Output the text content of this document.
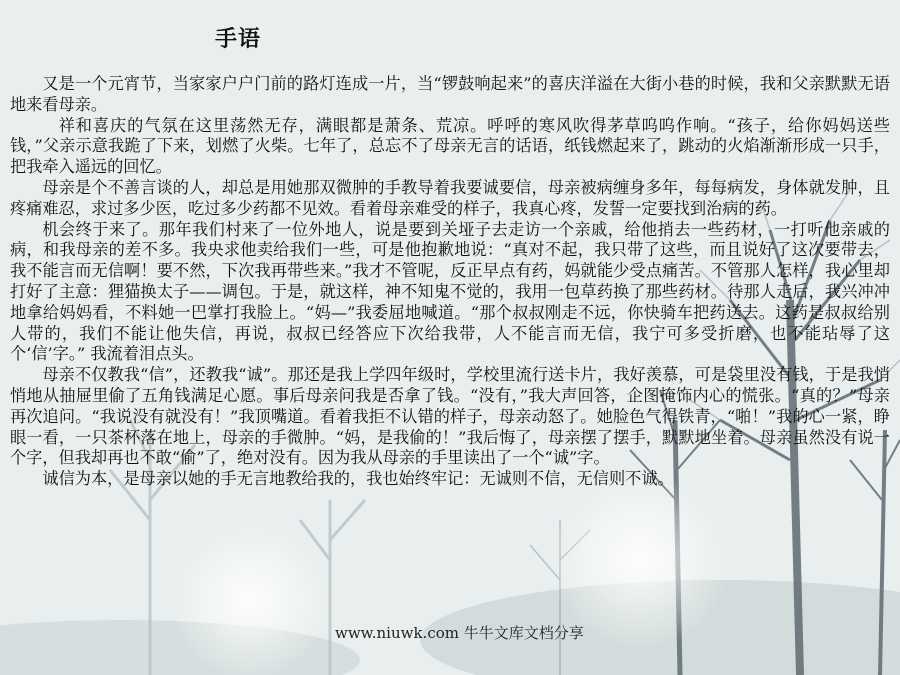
手语

又是一个元宵节，当家家户户门前的路灯连成一片，当“锣鼓响起来”的喜庆洋溢在大街小巷的时候，我和父亲默默无语地来看母亲。

祥和喜庆的气氛在这里荡然无存，满眼都是萧条、荒凉。呼呼的寒风吹得茅草呜呜作响。“孩子，给你妈妈送些钱，”父亲示意我跪了下来，划燃了火柴。七年了，总忘不了母亲无言的话语，纸钱燃起来了，跳动的火焰渐渐形成一只手，把我牵入遥远的回忆。

母亲是个不善言谈的人，却总是用她那双微肿的手教导着我要诚要信，母亲被病缠身多年，每每病发，身体就发肿，且疼痛难忍，求过多少医，吃过多少药都不见效。看着母亲难受的样子，我真心疼，发誓一定要找到治病的药。

机会终于来了。那年我们村来了一位外地人，说是要到关垭子去走访一个亲戚，给他捎去一些药材，一打听他亲戚的病，和我母亲的差不多。我央求他卖给我们一些，可是他抱歉地说：“真对不起，我只带了这些，而且说好了这次要带去，我不能言而无信啊！要不然，下次我再带些来。”我才不管呢，反正早点有药，妈就能少受点痛苦。不管那人怎样，我心里却打好了主意：狸猫换太子——调包。于是，就这样，神不知鬼不觉的，我用一包草药换了那些药材。待那人走后，我兴冲冲地拿给妈妈看，不料她一巴掌打我脸上。“妈—”我委屈地喊道。“那个叔叔刚走不远，你快骑车把药送去。这药是叔叔给别人带的，我们不能让他失信，再说，叔叔已经答应下次给我带，人不能言而无信，我宁可多受折磨，也不能玷辱了这个‘信’字。” 我流着泪点头。

母亲不仅教我“信”，还教我“诚”。那还是我上学四年级时，学校里流行送卡片，我好羡慕，可是袋里没有钱，于是我悄悄地从抽屉里偷了五角钱满足心愿。事后母亲问我是否拿了钱。“没有，”我大声回答，企图掩饰内心的慌张。“真的？”母亲再次追问。“我说没有就没有！”我顶嘴道。看着我拒不认错的样子，母亲动怒了。她脸色气得铁青，“啪！”我的心一紧，睁眼一看，一只茶杯落在地上，母亲的手微肿。“妈，是我偷的！”我后悔了，母亲摆了摆手，默默地坐着。母亲虽然没有说一个字，但我却再也不敢“偷”了，绝对没有。因为我从母亲的手里读出了一个“诚”字。

诚信为本，是母亲以她的手无言地教给我的，我也始终牢记：无诚则不信，无信则不诚。

www.niuwk.com 牛牛文库文档分享
